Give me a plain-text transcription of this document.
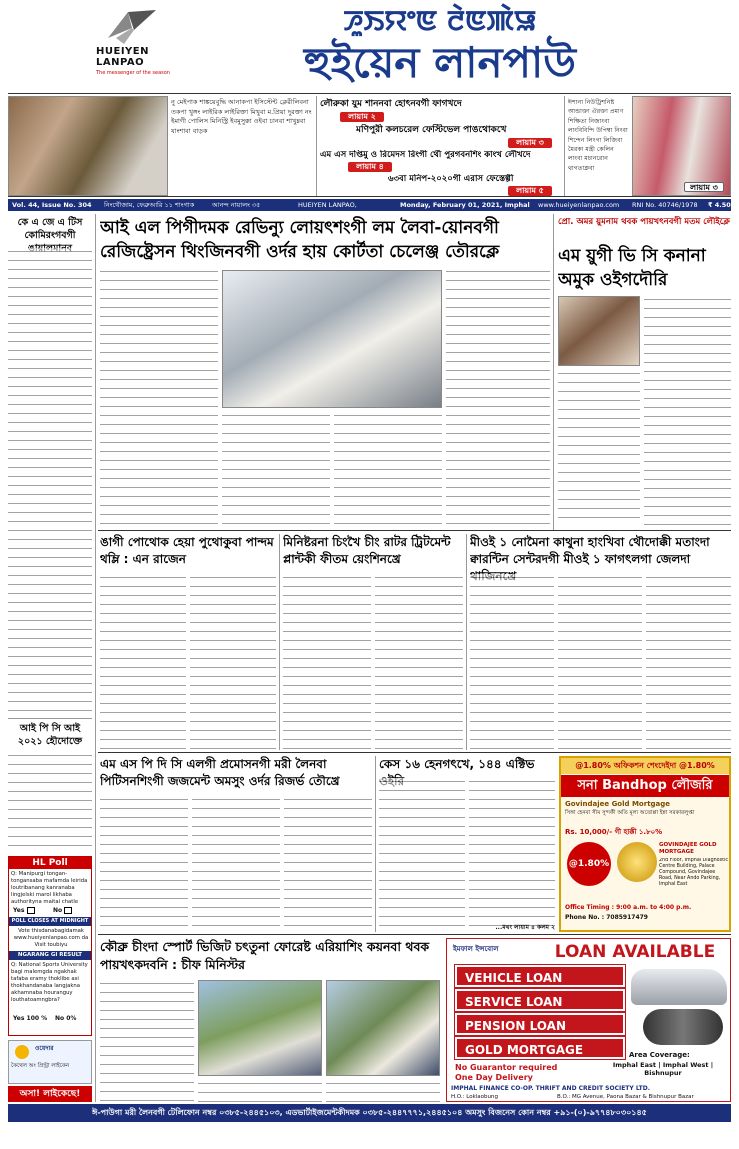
HUEIYEN LANPAO
The messenger of the season
ꯍꯨꯏꯌꯦꯟ ꯂꯥꯟꯄꯥꯎ
হুইয়েন লানপাউ
নু মেইপাক শাঙ্কয়েবুদ্ধি আনাকপা ইসিস্টেন্ট ক্লেরীলিবনা তকপা খুঙ্গং লাইরিক লাইরিক্তা মিখুবা ম.প্রিয়া দুরক্তা নং ইমাগী পোলিস মিনিস্ট্রি ইবমুসুক্কা ওইবা চানবা শাখুম্নবা যাংশাবা বাড়ক
লৌরুকা যুম শাননবা হোৎনবগী ফাগখদে
লায়াম ২
মণিপুরী কলচরেল ফেস্টিভেল পাঙথোকখে
লায়াম ৩
এম এস দপ্তিমু ও রিমেদস রিংগী থৌ পুরগবনশিং কাংখ লৌখদে
লায়াম ৪
৬৩বা মনিপ-২০২০গী এরাস ফেস্তেল্গী
লায়াম ৫
ঈশানা নিউট্রিশনিষ্ট আন্ডাক্তা ঐরক্তা প্রমাণ শিক্ষিতা নিজাংবা লাংবিবিন্দি উপিম্বা নিংবা শিন্দেন লিংগা লিজিবা মৈরকা মন্ত্রী কেলিন লাংবা মচানরোন থাগতাক্লবা
লায়াম ৩
Vol. 44, Issue No. 304 নিংথৌজাম, ফেব্রুআরি ১১ শাংগাক	আনন্দ নায়ালং ৩৫	HUEIYEN LANPAO,	Monday, February 01, 2021, Imphal www.hueiyenlanpao.com RNI No. 40746/1978 ₹ 4.50
কে এ জে এ টিস কোমিরংগবগী
আই পি সি আই ২০২১ হৌদোক্তে
HL Poll
Q: Manipurgi tongan-tongansaba mafamda leirida loutribanang kanranaba lingjelski marol likhaba authorityna maitai chatle
Yes	No
POLL CLOSES AT MIDNIGHT
Vote thisdanabagidamak www.hueiyenlanpao.com da Visit toubiyu
NGARANG GI RESULT
Q: National Sports University bagi malemgda ngakhak tafaba eramy thoklibe asi thokhandanaba langjakna akhamnaba houranguy louthatoamngbra?
Yes 100 % No 0%
ওয়েদার
কৈথেল অং প্রিন্ট্রা লাইকেন
অসা! লাইকেছে!
আই এল পিগীদমক রেভিন্যু লোয়ৎশংগী লম লৈবা-য়োনবগী রেজিষ্ট্রেসন থিংজিনবগী ওর্দর হায় কোর্টতা চেলেঞ্জ তৌরক্লে
প্রো. অমর য়ুমনাম থবক পায়খৎনবগী মতম লৌইক্লে
এম য়ুগী ভি সি কনানা অমুক ওইগদৌরি
ঙাগী পোথোক হেয়া পুথোকুবা পান্দম থম্লি : এন রাজেন
মিনিষ্টরনা চিংখৈ চীং রাটর ট্রিটমেন্ট প্লান্টকী ফীতম য়েংশিনখ্রে
মীওই ১ নোমৈনা কাথুনা হাংখিবা থৌদোক্কী মতাংদা ক্বারন্টিন সেন্টরদগী মীওই ১ ফাগৎলগা জেলদা
এম এস পি দি সি এলগী প্রমোসনগী মরী লৈনবা পিটিসনশিংগী জজমেন্ট অমসুং ওর্দর রিজর্ভ তৌখ্রে
কেস ১৬ হেনগৎখে, ১৪৪ এক্টিভ
...মথং লায়াম ৪ কলম ২
@1.80% অফিকশন শেংদেইদা @1.80%
সনা Bandhop লৌজরি
Govindajee Gold Mortgage
সিঙ্গা হেনবা সীম সুন্দর্কী অতি মূল্য অতোপ্পা ইন্না সরকারলুপ্তা
Rs. 10,000/- গী হাক্কী ১.৮০%
@1.80%
GOVINDAJEE GOLD MORTGAGE
2nd Floor, Imphal Diagnostic Centre Building, Palace Compound, Govindajee Road, Near Ando Parking, Imphal East
Office Timing : 9:00 a.m. to 4:00 p.m.
Phone No. : 7085917479
কৌব্রু চীংদা স্পোর্ট ভিজিট চৎতুনা ফোরেষ্ট এরিয়াশিং কয়নবা থবক পায়খৎকদবনি : চীফ মিনিস্টর
ইমফাল ইন্সবোল	LOAN AVAILABLE
VEHICLE LOAN
SERVICE LOAN
PENSION LOAN
GOLD MORTGAGE
No Guarantor required
One Day Delivery
Area Coverage:
Imphal East | Imphal West | Bishnupur
IMPHAL FINANCE CO-OP. THRIFT AND CREDIT SOCIETY LTD.
H.O.: Loklaobung	B.O.: MG Avenue, Paona Bazar & Bishnupur Bazar
ঈ-পাউগা মরী লৈনবগী টেলিফোন নম্বর ০৩৮৫-২৪৪৫১০৩, এডভার্টাইজমেন্টকীদমক ০৩৮৫-২৪৪৭৭৭১,২৪৪৫১০৪ অমসুং বিজনেস কোন নম্বর +৯১-(০)-৯৭৭৪৮০৩০১৪৫
